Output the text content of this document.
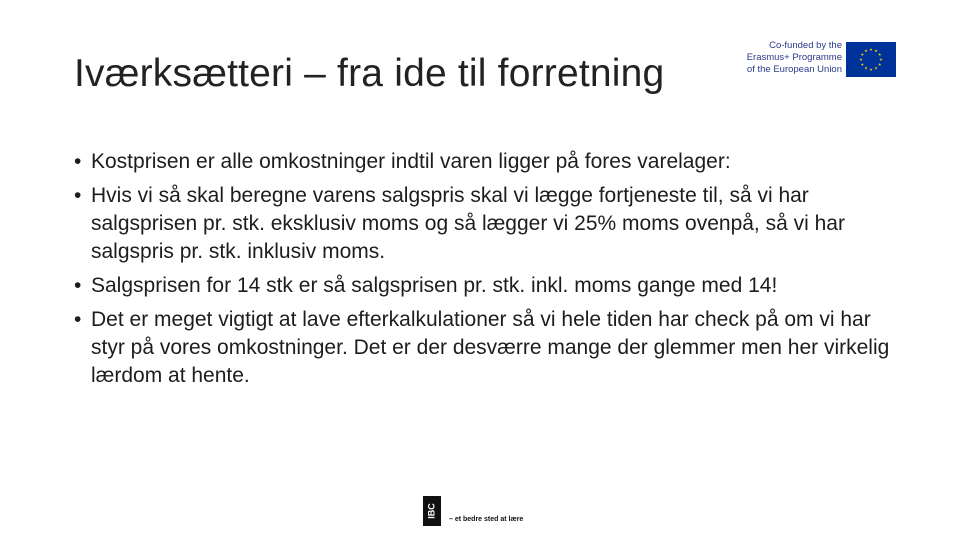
Iværksætteri – fra ide til forretning
Co-funded by the
Erasmus+ Programme
of the European Union
• Kostprisen er alle omkostninger indtil varen ligger på fores varelager:
• Hvis vi så skal beregne varens salgspris skal vi lægge fortjeneste til, så vi har salgsprisen pr. stk. eksklusiv moms og så lægger vi 25% moms ovenpå, så vi har salgspris pr. stk. inklusiv moms.
• Salgsprisen for 14 stk er så salgsprisen pr. stk. inkl. moms gange med 14!
• Det er meget vigtigt at lave efterkalkulationer så vi hele tiden har check på om vi har styr på vores omkostninger. Det er der desværre mange der glemmer men her virkelig lærdom at hente.
IBC
– et bedre sted at lære
